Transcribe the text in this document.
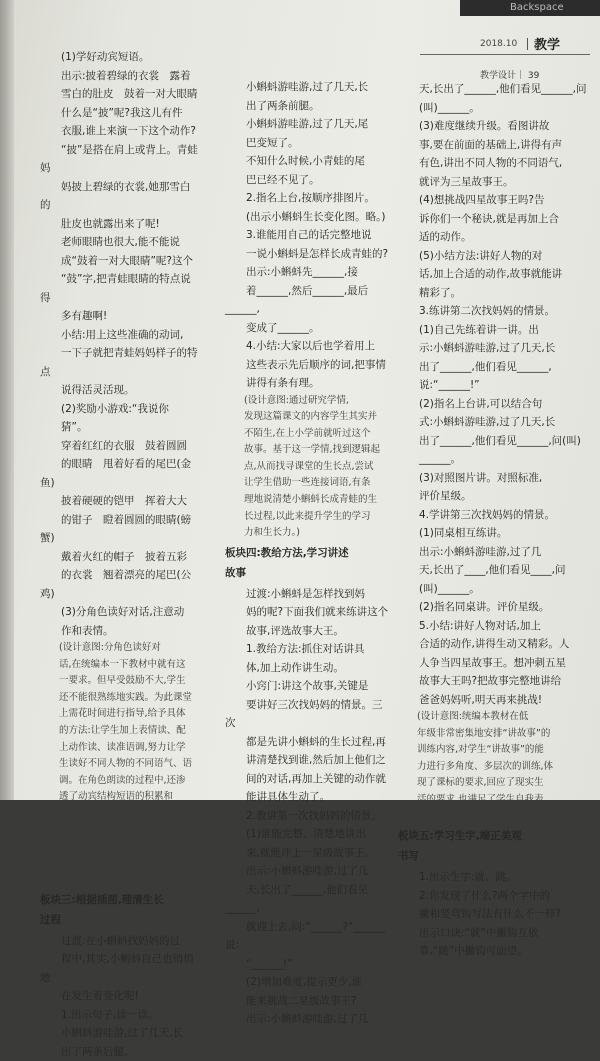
Backspace
2018.10 教学
教学设计｜ 39

(1)学好动宾短语。

出示:披着碧绿的衣裳　露着

雪白的肚皮　鼓着一对大眼睛

什么是“披”呢?我这儿有件

衣服,谁上来演一下这个动作?

“披”是搭在肩上或背上。青蛙妈

妈披上碧绿的衣裳,她那雪白的

肚皮也就露出来了呢!

老师眼睛也很大,能不能说

成“鼓着一对大眼睛”呢?这个

“鼓”字,把青蛙眼睛的特点说得

多有趣啊!

小结:用上这些准确的动词,

一下子就把青蛙妈妈样子的特点

说得活灵活现。

(2)奖励小游戏:“我说你

猜”。

穿着红红的衣服　鼓着圆圆

的眼睛　甩着好看的尾巴(金鱼)

披着硬硬的铠甲　挥着大大

的钳子　瞪着圆圆的眼睛(螃蟹)

戴着火红的帽子　披着五彩

的衣裳　翘着漂亮的尾巴(公鸡)

(3)分角色读好对话,注意动

作和表情。

(设计意图:分角色读好对

话,在统编本一下教材中就有这

一要求。但早受鼓励不大,学生

还不能很熟练地实践。为此课堂

上需花时间进行指导,给予具体

的方法:让学生加上表情读、配

上动作读、读准语调,努力让学

生读好不同人物的不同语气、语

调。在角色朗读的过程中,还渗

透了动宾结构短语的积累和

运用,并创设游戏情境“我说你

猜”来巩固迁移,充分进行语言

实践。用课文的语言来丰富学生

的语言,提高学生语言表达的

质量。)

板块三:根据插图,理清生长

过程

过渡:在小蝌蚪找妈妈的过

程中,其实,小蝌蚪自己也悄悄地

在发生着变化呢!

1.出示句子,读一读。

小蝌蚪游哇游,过了几天,长

出了两条后腿。

小蝌蚪游哇游,过了几天,长

出了两条前腿。

小蝌蚪游哇游,过了几天,尾

巴变短了。

不知什么时候,小青蛙的尾

巴已经不见了。

2.指名上台,按顺序排图片。

(出示小蝌蚪生长变化图。略。)

3.谁能用自己的话完整地说

一说小蝌蚪是怎样长成青蛙的?

出示:小蝌蚪先______,接

着______,然后______,最后______,

变成了______。

4.小结:大家以后也学着用上

这些表示先后顺序的词,把事情

讲得有条有理。

(设计意图:通过研究学情,

发现这篇课文的内容学生其实并

不陌生,在上小学前就听过这个

故事。基于这一学情,找到逻辑起

点,从而找寻课堂的生长点,尝试

让学生借助一些连接词语,有条

理地说清楚小蝌蚪长成青蛙的生

长过程,以此来提升学生的学习

力和生长力。)

板块四:教给方法,学习讲述

故事

过渡:小蝌蚪是怎样找到妈

妈的呢?下面我们就来练讲这个

故事,评选故事大王。

1.教给方法:抓住对话讲具

体,加上动作讲生动。

小窍门:讲这个故事,关键是

要讲好三次找妈妈的情景。三次

都是先讲小蝌蚪的生长过程,再

讲清楚找到谁,然后加上他们之

间的对话,再加上关键的动作就

能讲具体生动了。

2.教讲第一次找妈妈的情景。

(1)谁能完整、清楚地讲出

来,就能评上一星级故事王。

出示:小蝌蚪游哇游,过了几

天,长出了______,他们看见______,

就迎上去,问:“______?”______说:

“______!”

(2)增加难度,提示更少,谁

能来挑战二星级故事王?

出示:小蝌蚪游哇游,过了几

天,长出了______,他们看见______,问

(叫)______。

(3)难度继续升级。看图讲故

事,要在前面的基础上,讲得有声

有色,讲出不同人物的不同语气,

就评为三星故事王。

(4)想挑战四星故事王吗?告

诉你们一个秘诀,就是再加上合

适的动作。

(5)小结方法:讲好人物的对

话,加上合适的动作,故事就能讲

精彩了。

3.练讲第二次找妈妈的情景。

(1)自己先练着讲一讲。出

示:小蝌蚪游哇游,过了几天,长

出了______,他们看见______,

说:“______!”

(2)指名上台讲,可以结合句

式:小蝌蚪游哇游,过了几天,长

出了______,他们看见______,问(叫)

______。

(3)对照图片讲。对照标准,

评价星级。

4.学讲第三次找妈妈的情景。

(1)同桌相互练讲。

出示:小蝌蚪游哇游,过了几

天,长出了____,他们看见____,问

(叫)______。

(2)指名同桌讲。评价星级。

5.小结:讲好人物对话,加上

合适的动作,讲得生动又精彩。人

人争当四星故事王。想冲刺五星

故事大王吗?把故事完整地讲给

爸爸妈妈听,明天再来挑战!

(设计意图:统编本教材在低

年级非常密集地安排“讲故事”的

训练内容,对学生“讲故事”的能

力进行多角度、多层次的训练,体

现了课标的要求,回应了现实生

活的要求,也满足了学生自我表

达的要求。)

板块五:学习生字,端正美观

书写

1.出示生字:就、跳。

2.你发现了什么?两个字中的

撇和竖弯钩写法有什么不一样?

出示口诀:“就”中撇钩互依

靠,“跳”中撇钩可面望。
